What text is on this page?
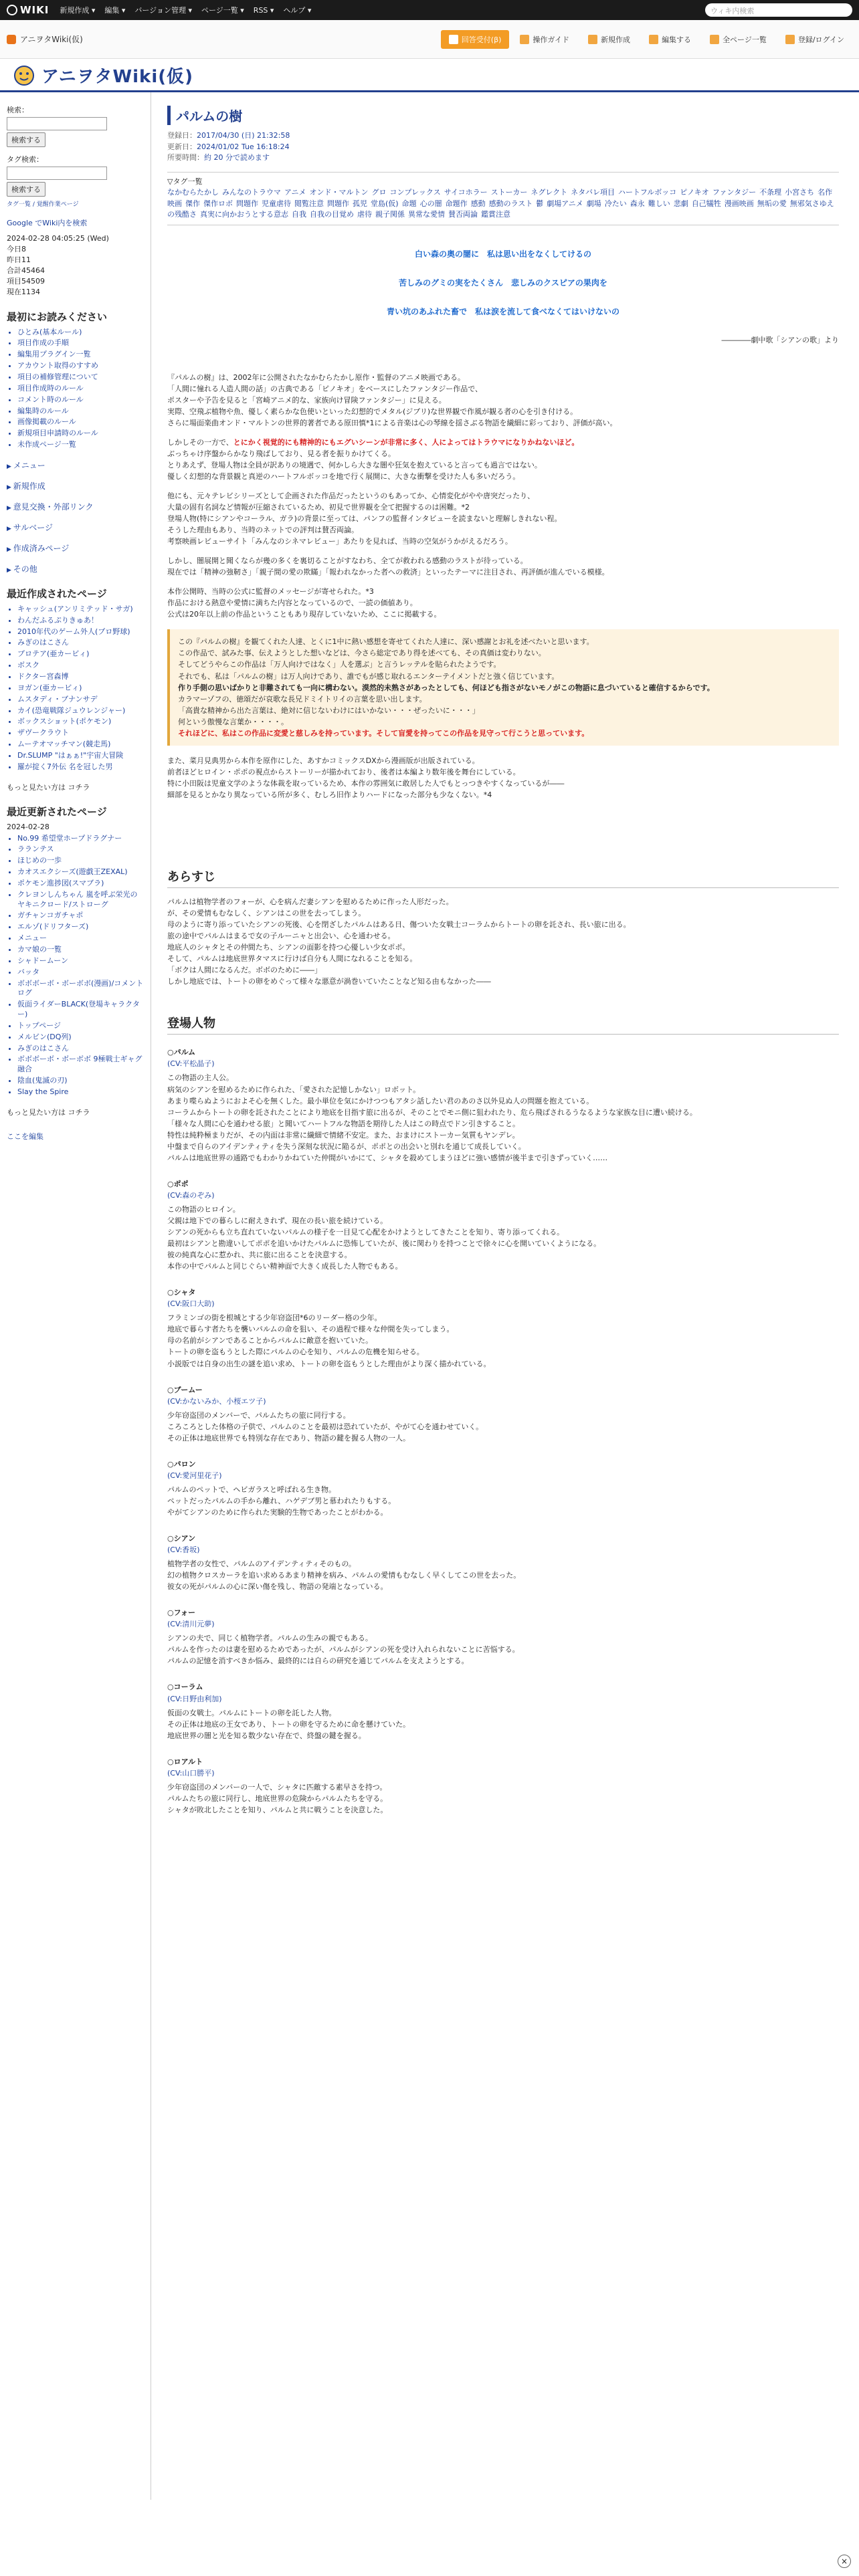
WIKI 新規作成 ▾ 編集 ▾ バージョン管理 ▾ ページ一覧 ▾ RSS ▾ ヘルプ ▾	ウィキ内検索
アニヲタWiki(仮)	回答受付(β)	操作ガイド	新規作成	編集する	全ページ一覧	登録/ログイン
アニヲタWiki(仮)
検索：
検索する
タグ検索：
検索する
タグ一覧 / 覚醒作業ページ
Google でWiki内を検索
2024-02-28 04:05:25 (Wed)
今日8
昨日11
合計45464
項目54509
現在1134
最初にお読みください
• ひとみ(基本ルール)
• 項目作成の手順
• 編集用プラグイン一覧
• アカウント取得のすすめ
• 項目の補修管理について
• 項目作成時のルール
• コメント時のルール
• 編集時のルール
• 画像掲載のルール
• 新規項目申請時のルール
• 未作成ページ一覧
▶ メニュー
▶ 新規作成
▶ 意見交換・外部リンク
▶ サルベージ
▶ 作成済みページ
▶ その他
最近作成されたページ
• キャッシュ(アンリミテッド・サガ)
• わんだふるぷりきゅあ！
• 2010年代のゲーム外人(プロ野球)
• みぎのはこさん
• プロテア(亜カービィ)
• ボスク
• ドクター宮森博
• ヨガン(亜カービィ)
• ムスタディ・ブナンサデ
• カイ(恐竜戦隊ジュウレンジャー)
• ボックスショット(ポケモン)
• ザヴークラウト
• ムーテオマッチマン(競走馬)
• Dr.SLUMP "はぁぁ!"宇宙大冒険
• 羅が掟く7外伝 名を冠した男
もっと見たい方は コチラ
最近更新されたページ
2024-02-28
• No.99 希望堂ホープドラグナー
• ラランテス
• ほじめの一歩
• カオスエクシーズ(遊戯王ZEXAL)
• ポケモン進捗図(スマブラ)
• クレヨンしんちゃん 嵐を呼ぶ栄光のヤキニクロード/ストローグ
• ガチャンコガチャポ
• エルゾ(ドリフターズ)
• メニュー
• カマ娘の一覧
• シャドームーン
• バッタ
• ボボボーボ・ボーボボ(漫画)/コメントログ
• 仮面ライダーBLACK(登場キャラクター)
• トップページ
• メルビン(DQ列)
• みぎのはこさん
• ボボボーボ・ボーボボ 9極戦士ギャグ融合
• 陰血(鬼滅の刃)
• Slay the Spire
もっと見たい方は コチラ
ここを編集
パルムの樹
登録日：2017/04/30 (日) 21:32:58
更新日：2024/01/02 Tue 16:18:24
所要時間：約 20 分で読めます
▽タグ一覧
なかむらたかし みんなのトラウマ アニメ オンド・マルトン グロ コンプレックス サイコホラー ストーカー ネグレクト ネタバレ項目 ハートフルボッコ ピノキオ ファンタジー 不条理 小宮さち 名作映画 傑作 傑作ロボ 問題作 児童虐待 閲覧注意 問題作 孤児 堂島(仮) 命題 心の闇 命題作 感動 感動のラスト 鬱 劇場アニメ 劇場 冷たい 森永 難しい 悲劇 自己犠牲 漫画映画 無垢の愛 無邪気さゆえの残酷さ 真実に向かおうとする意志 自我 自我の目覚め 虐待 親子関係 異常な愛情 賛否両論 鑑賞注意
白い森の奥の闇に　私は思い出をなくしてけるの
苦しみのグミの実をたくさん　悲しみのクスピアの果肉を
青い坑のあふれた畜で　私は涙を流して食べなくてはいけないの
――――劇中歌「シアンの歌」より

『パルムの樹』は、2002年に公開されたなかむらたかし原作・監督のアニメ映画である。
「人間に憧れる人造人間の話」の古典である「ピノキオ」をベースにしたファンタジー作品で、
ポスターや予告を見ると「宮崎アニメ的な、家族向け冒険ファンタジー」に見える。
実際、空飛ぶ植物や魚、優しく素らかな色使いといった幻想的でメタル(ジブリ)な世界観で作風が観る者の心を引き付ける。
さらに場面楽曲オンド・マルトンの世界的著者である原田慎*1による音楽は心の琴線を揺さぶる物語を繊細に彩っており、評価が高い。

しかしその一方で、とにかく視覚的にも精神的にもエグいシーンが非常に多く、人によってはトラウマになりかねないほど。
ぶっちゃけ序盤からかなり飛ばしており、見る者を振りかけてくる。
とりあえず、登場人物は全員が訳ありの境遇で、何かしら大きな闇や狂気を抱えていると言っても過言ではない。
優しく幻想的な背景観と真逆のハートフルボッコを地で行く展開に、大きな衝撃を受けた人も多いだろう。

他にも、元々テレビシリーズとして企画された作品だったというのもあってか、心情変化がやや唐突だったり、
大量の固有名詞など情報が圧縮されているため、初見で世界観を全て把握するのは困難。*2
登場人物(特にシアンやコーラル、ガラ)の背景に至っては、パンフの監督インタビューを読まないと理解しきれない程。
そうした理由もあり、当時のネットでの評判は賛否両論。
考察映画レビューサイト「みんなのシネマレビュー」あたりを見れば、当時の空気がうかがえるだろう。

しかし、闇展開と聞くならが幾の多くを裏切ることがすなわち、全てが救われる感動のラストが待っている。
現在では「精神の強靭さ」「親子間の愛の欺瞞」「報われなかった者への救済」といったテーマに注目され、再評価が進んでいる模様。

本作公開時、当時の公式に監督のメッセージが寄せられた。*3
作品における熱意や愛情に満ちた内容となっているので、一読の価値あり。
公式は20年以上前の作品ということもあり現存していないため、ここに掲載する。

この『パルムの樹』を観てくれた人達、とくに1中に熱い感想を寄せてくれた人達に、深い感謝とお礼を述べたいと思います。
この作品で、試みた事、伝えようとした想いなどは、今さら総定であり得を述べても、その真価は変わりない。
そしてどうやらこの作品は「万人向けではなく」人を選ぶ」と言うレッテルを貼られたようです。
それでも、私は「パルムの樹」は万人向けであり、誰でもが感じ取れるエンターテイメントだと強く信じています。
作り手側の思いばかりと非難されても一向に構わない。漠然的未熟さがあったとしても、何ほども指さがないモノがこの物語に息づいていると確信するからです。
カラマーゾフの、徳頌だが哀歌な長兄ドミイトリイの言葉を思い出します。
「高貴な精神から出た言葉は、絶対に信じないわけにはいかない・・・ぜったいに・・・」
何という傲慢な言葉か・・・・。
それほどに、私はこの作品に変愛と慈しみを持っています。そして盲愛を持ってこの作品を見守って行こうと思っています。

また、菜月見典男から本作を原作にした、あすかコミックスDXから漫画版が出版されている。
前者ほどヒロイン・ポポの視点からストーリーが描かれており、後者は本編より数年後を舞台にしている。
特に小田阪は児童文学のような体裁を取っているため、本作の雰囲気に敢居した人でもとっつきやすくなっているが――
細部を見るとかなり異なっている所が多く、むしろ旧作よりハードになった部分も少なくない。*4

あらすじ

パルムは植物学者のフォーが、心を病んだ妻シアンを慰めるために作った人形だった。
が、その愛情もむなしく、シアンはこの世を去ってしまう。
母のように寄り添っていたシアンの死後、心を閉ざしたパルムはある日、傷ついた女戦士コーラムからトートの卵を託され、長い旅に出る。
旅の途中でパルムはまるで女の子ルーニャと出会い、心を通わせる。
地底人のシャタとその仲間たち、シアンの面影を持つ心優しい少女ポポ。
そして、パルムは地底世界タマスに行けば自分も人間になれることを知る。
「ボクは人間になるんだ。ボボのために――」
しかし地底では、トートの卵をめぐって様々な悪意が渦巻いていたことなど知る由もなかった――

登場人物
○パルム
(CV:平松晶子)
この物語の主人公。
病気のシアンを慰めるために作られた、「愛された記憶しかない」ロボット。
あまり喋らぬようにおよそ心を無くした。最小単位を気にかけつつもアタシ話したい君のあのさ以外見ぬ人の問題を抱えている。
コーラムからトートの卵を託されたことにより地底を目指す旅に出るが、そのことでモニ側に狙われたり、危ら飛ばされるうなるような家族な目に遭い続ける。
「様々な人間に心を通わせる旅」と聞いてハートフルな物語を期待した人はこの時点でドン引きすること。
特性は純粋極まりだが、その内面は非常に繊細で情緒不安定。また、おまけにストーカー気質もヤンデレ。
中盤まで自らのアイデンティティを失う深刻な状況に陥るが、ポポとの出会いと別れを通じて成長していく。
パルムは地底世界の通路でもわかりかねていた仲間がいかにて、シャタを殺めてしまうほどに強い感情が後半まで引きずっていく……
○ポポ
(CV:森のぞみ)
この物語のヒロイン。
父親は地下での暮らしに耐えきれず、現在の長い旅を続けている。
シアンの死からも立ち直れていないパルムの様子を一目見て心配をかけようとしてきたことを知り、寄り添ってくれる。
最初はシアンと勘違いしてポポを追いかけたパルムに恐怖していたが、後に関わりを持つことで徐々に心を開いていくようになる。
彼の純真な心に惹かれ、共に旅に出ることを決意する。
本作の中でパルムと同じぐらい精神面で大きく成長した人物でもある。
○シャタ
(CV:阪口大助)
フラミンゴの街を根城とする少年窃盗団*6のリーダー格の少年。
地底で暮らす者たちを襲いパルムの命を狙い、その過程で様々な仲間を失ってしまう。
母の名前がシアンであることからパルムに敵意を抱いていた。
トートの卵を盗もうとした際にパルムの心を知り、パルムの危機を知らせる。
小説版では自身の出生の謎を追い求め、トートの卵を盗もうとした理由がより深く描かれている。
○ブームー
(CV:かないみか、小桜エツ子)
少年窃盗団のメンバーで、パルムたちの旅に同行する。
ころころとした体格の子供で、パルムのことを最初は恐れていたが、やがて心を通わせていく。
その正体は地底世界でも特別な存在であり、物語の鍵を握る人物の一人。
○パロン
(CV:愛河里花子)
パルムのペットで、ヘビガラスと呼ばれる生き物。
ペットだったパルムの手から離れ、ハゲデブ男と慕われたりもする。
やがてシアンのために作られた実験的生物であったことがわかる。
○シアン
(CV:香坂)
植物学者の女性で、パルムのアイデンティティそのもの。
幻の植物クロスカーラを追い求めるあまり精神を病み、パルムの愛情もむなしく早くしてこの世を去った。
彼女の死がパルムの心に深い傷を残し、物語の発端となっている。
○フォー
(CV:清川元夢)
シアンの夫で、同じく植物学者。パルムの生みの親でもある。
パルムを作ったのは妻を慰めるためであったが、パルムがシアンの死を受け入れられないことに苦悩する。
パルムの記憶を消すべきか悩み、最終的には自らの研究を通じてパルムを支えようとする。
○コーラム
(CV:日野由利加)
仮面の女戦士。パルムにトートの卵を託した人物。
その正体は地底の王女であり、トートの卵を守るために命を懸けていた。
地底世界の闇と光を知る数少ない存在で、終盤の鍵を握る。
○ロアルト
(CV:山口勝平)
少年窃盗団のメンバーの一人で、シャタに匹敵する素早さを持つ。
パルムたちの旅に同行し、地底世界の危険からパルムたちを守る。
シャタが敗北したことを知り、パルムと共に戦うことを決意した。
×
